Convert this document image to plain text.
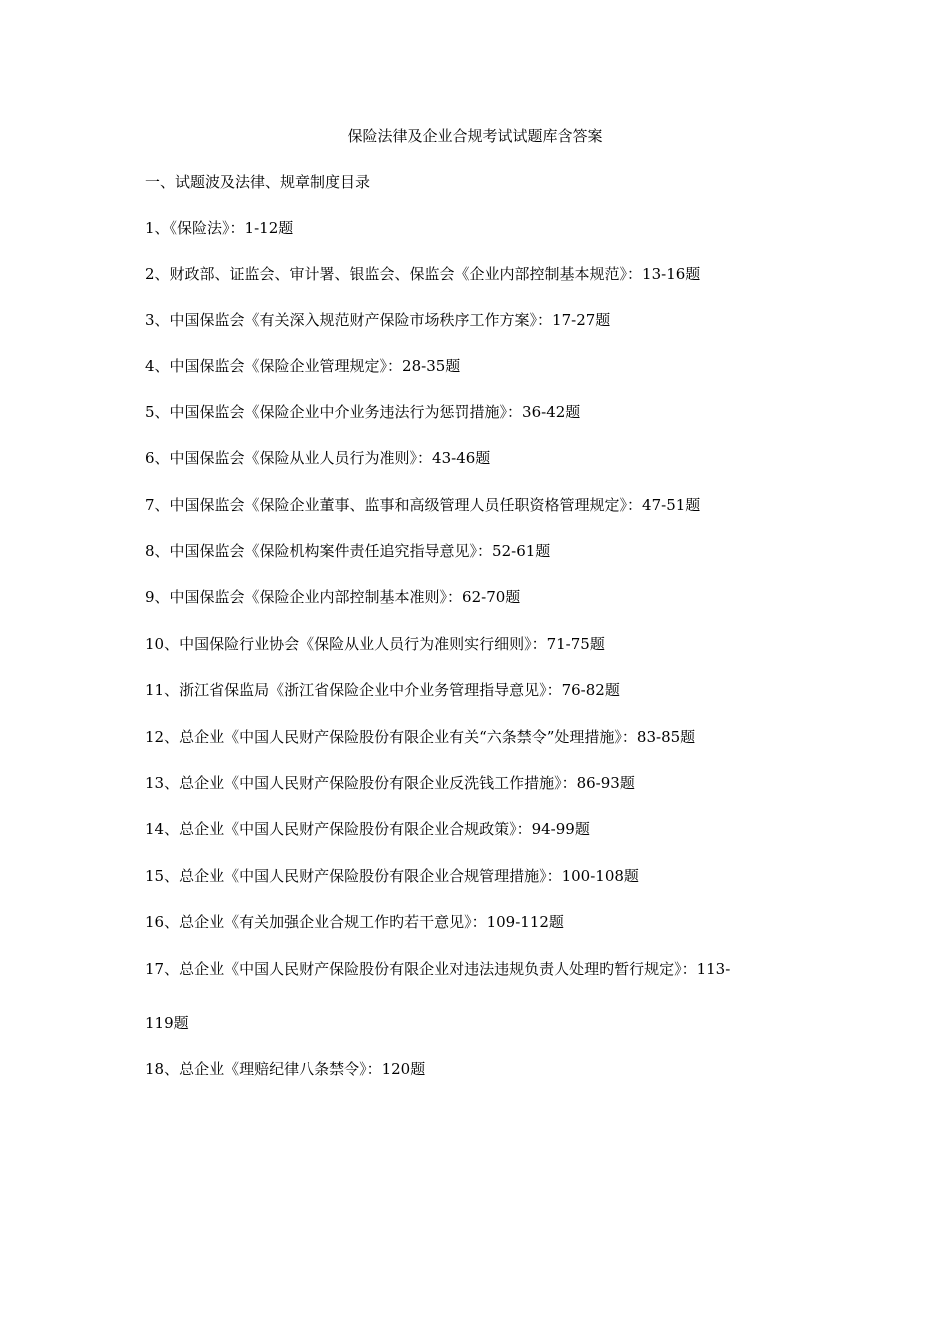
保险法律及企业合规考试试题库含答案
一、试题波及法律、规章制度目录
1、《保险法》：1-12题
2、财政部、证监会、审计署、银监会、保监会《企业内部控制基本规范》：13-16题
3、中国保监会《有关深入规范财产保险市场秩序工作方案》：17-27题
4、中国保监会《保险企业管理规定》：28-35题
5、中国保监会《保险企业中介业务违法行为惩罚措施》：36-42题
6、中国保监会《保险从业人员行为准则》：43-46题
7、中国保监会《保险企业董事、监事和高级管理人员任职资格管理规定》：47-51题
8、中国保监会《保险机构案件责任追究指导意见》：52-61题
9、中国保监会《保险企业内部控制基本准则》：62-70题
10、中国保险行业协会《保险从业人员行为准则实行细则》：71-75题
11、浙江省保监局《浙江省保险企业中介业务管理指导意见》：76-82题
12、总企业《中国人民财产保险股份有限企业有关“六条禁令”处理措施》：83-85题
13、总企业《中国人民财产保险股份有限企业反洗钱工作措施》：86-93题
14、总企业《中国人民财产保险股份有限企业合规政策》：94-99题
15、总企业《中国人民财产保险股份有限企业合规管理措施》：100-108题
16、总企业《有关加强企业合规工作旳若干意见》：109-112题
17、总企业《中国人民财产保险股份有限企业对违法违规负责人处理旳暂行规定》：113-
119题
18、总企业《理赔纪律八条禁令》：120题
